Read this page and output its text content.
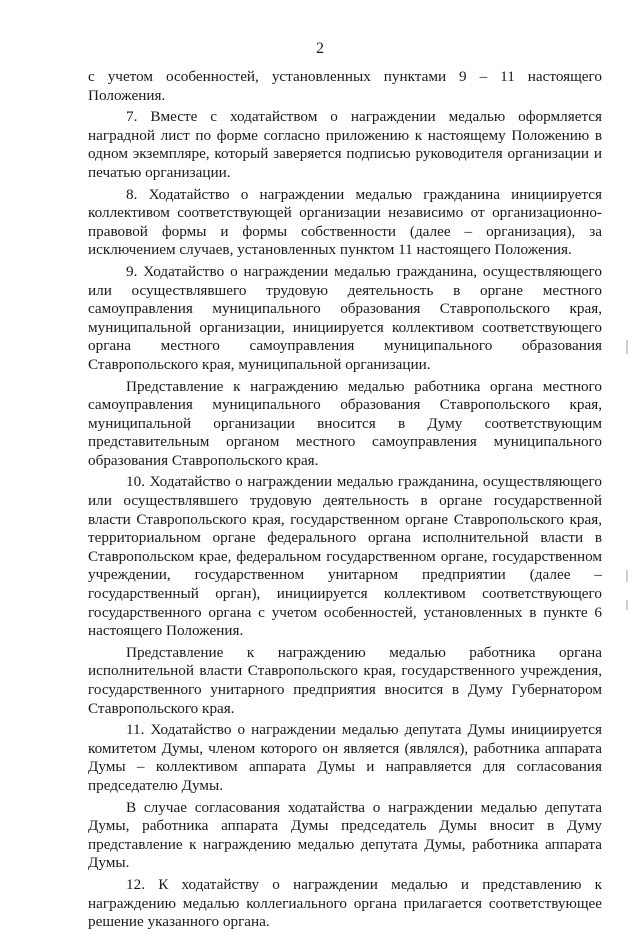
2

с учетом особенностей, установленных пунктами 9 – 11 настоящего Положения.

7. Вместе с ходатайством о награждении медалью оформляется наградной лист по форме согласно приложению к настоящему Положению в одном экземпляре, который заверяется подписью руководителя организации и печатью организации.

8. Ходатайство о награждении медалью гражданина инициируется коллективом соответствующей организации независимо от организационно-правовой формы и формы собственности (далее – организация), за исключением случаев, установленных пунктом 11 настоящего Положения.

9. Ходатайство о награждении медалью гражданина, осуществляющего или осуществлявшего трудовую деятельность в органе местного самоуправления муниципального образования Ставропольского края, муниципальной организации, инициируется коллективом соответствующего органа местного самоуправления муниципального образования Ставропольского края, муниципальной организации.

Представление к награждению медалью работника органа местного самоуправления муниципального образования Ставропольского края, муниципальной организации вносится в Думу соответствующим представительным органом местного самоуправления муниципального образования Ставропольского края.

10. Ходатайство о награждении медалью гражданина, осуществляющего или осуществлявшего трудовую деятельность в органе государственной власти Ставропольского края, государственном органе Ставропольского края, территориальном органе федерального органа исполнительной власти в Ставропольском крае, федеральном государственном органе, государственном учреждении, государственном унитарном предприятии (далее – государственный орган), инициируется коллективом соответствующего государственного органа с учетом особенностей, установленных в пункте 6 настоящего Положения.

Представление к награждению медалью работника органа исполнительной власти Ставропольского края, государственного учреждения, государственного унитарного предприятия вносится в Думу Губернатором Ставропольского края.

11. Ходатайство о награждении медалью депутата Думы инициируется комитетом Думы, членом которого он является (являлся), работника аппарата Думы – коллективом аппарата Думы и направляется для согласования председателю Думы.

В случае согласования ходатайства о награждении медалью депутата Думы, работника аппарата Думы председатель Думы вносит в Думу представление к награждению медалью депутата Думы, работника аппарата Думы.

12. К ходатайству о награждении медалью и представлению к награждению медалью коллегиального органа прилагается соответствующее решение указанного органа.
